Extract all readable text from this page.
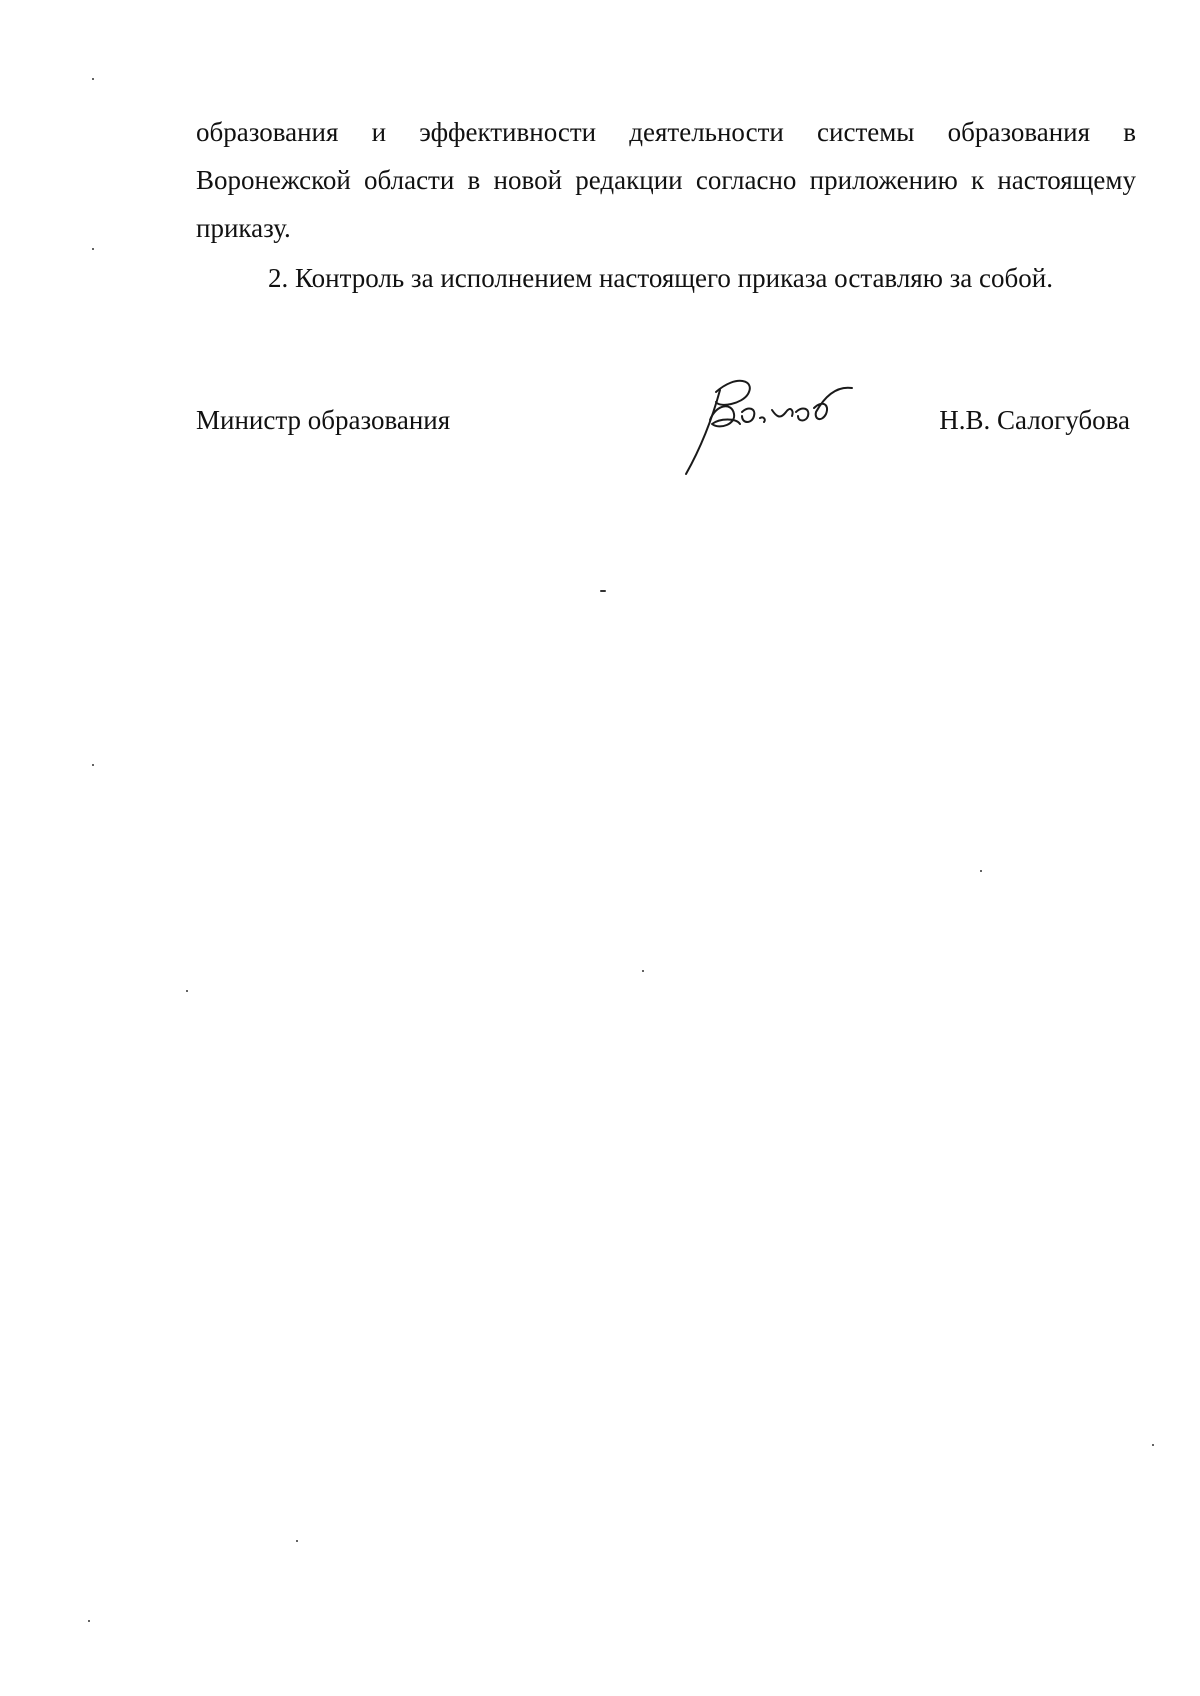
образования и эффективности деятельности системы образования в
Воронежской области в новой редакции согласно приложению к настоящему
приказу.
2. Контроль за исполнением настоящего приказа оставляю за собой.
Министр образования	Н.В. Салогубова
